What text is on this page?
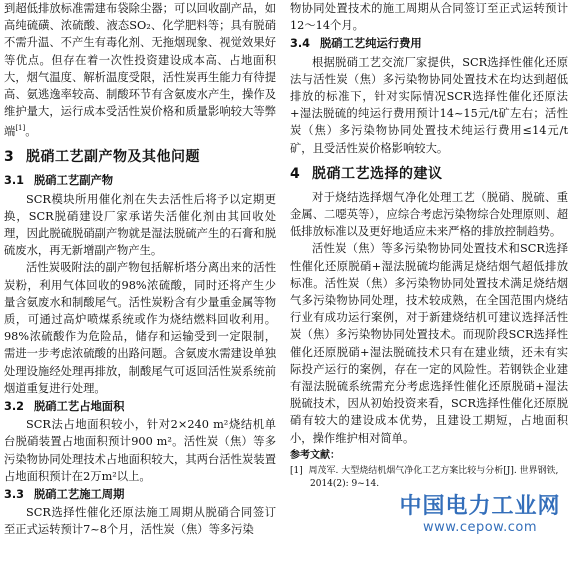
到超低排放标准需建布袋除尘器；可以回收副产品，如高纯硫磺、浓硫酸、液态SO₂、化学肥料等；具有脱硝不需升温、不产生有毒化剂、无拖烟现象、视觉效果好等优点。但存在着一次性投资建设成本高、占地面积大，烟气温度、解析温度受限，活性炭再生能力有待提高、氨逃逸率较高、制酸环节有含氨废水产生，操作及维护量大，运行成本受活性炭价格和质量影响较大等弊端[1]。

3 脱硝工艺副产物及其他问题
3.1 脱硝工艺副产物

SCR模块所用催化剂在失去活性后将予以定期更换，SCR脱硝建设厂家承诺失活催化剂由其回收处理，因此脱硫脱硝副产物就是湿法脱硫产生的石膏和脱硫废水，再无新增副产物产生。

活性炭吸附法的副产物包括解析塔分离出来的活性炭粉，利用气体回收的98%浓硫酸，同时还将产生少量含氨废水和制酸尾气。活性炭粉含有少量重金属等物质，可通过高炉喷煤系统或作为烧结燃料回收利用。98%浓硫酸作为危险品，储存和运输受到一定限制，需进一步考虑浓硫酸的出路问题。含氨废水需建设单独处理设施经处理再排放，制酸尾气可返回活性炭系统前烟道重复进行处理。

3.2 脱硝工艺占地面积

SCR法占地面积较小，针对2×240 m²烧结机单台脱硝装置占地面积预计900 m²。活性炭（焦）等多污染物协同处理技术占地面积较大，其两台活性炭装置占地面积预计在2万m²以上。

3.3 脱硝工艺施工周期

SCR选择性催化还原法施工周期从脱硝合同签订至正式运转预计7~8个月，活性炭（焦）等多污染

物协同处置技术的施工周期从合同签订至正式运转预计12～14个月。

3.4 脱硝工艺纯运行费用

根据脱硝工艺交流厂家提供，SCR选择性催化还原法与活性炭（焦）多污染物协同处置技术在均达到超低排放的标准下，针对实际情况SCR选择性催化还原法+湿法脱硫的纯运行费用预计14~15元/t矿左右；活性炭（焦）多污染物协同处置技术纯运行费用≤14元/t矿，且受活性炭价格影响较大。

4 脱硝工艺选择的建议

对于烧结选择烟气净化处理工艺（脱硝、脱硫、重金属、二噁英等），应综合考虑污染物综合处理原则、超低排放标准以及更好地适应未来严格的排放控制趋势。

活性炭（焦）等多污染物协同处置技术和SCR选择性催化还原脱硝+湿法脱硫均能满足烧结烟气超低排放标准。活性炭（焦）多污染物协同处置技术满足烧结烟气多污染物协同处理，技术较成熟，在全国范围内烧结行业有成功运行案例，对于新建烧结机可建议选择活性炭（焦）多污染物协同处置技术。而现阶段SCR选择性催化还原脱硝+湿法脱硫技术只有在建业绩，还未有实际投产运行的案例，存在一定的风险性。若钢铁企业建有湿法脱硫系统需充分考虑选择性催化还原脱硝+湿法脱硫技术，因从初始投资来看，SCR选择性催化还原脱硝有较大的建设成本优势，且建设工期短，占地面积小，操作维护相对简单。

参考文献：
[1] 周茂军. 大型烧结机烟气净化工艺方案比较与分析[J]. 世界钢铁, 2014(2): 9~14.
中国电力工业网
www.cepow.com
